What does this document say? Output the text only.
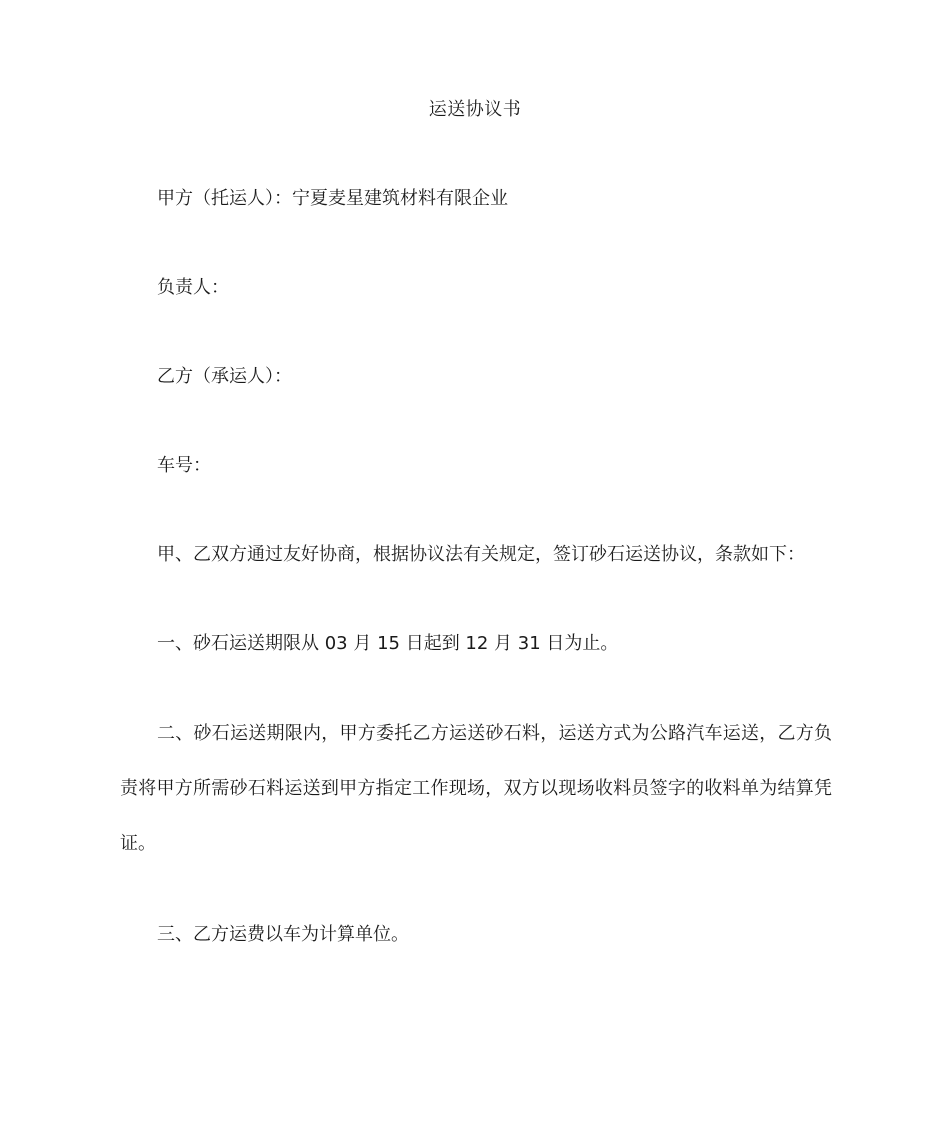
运送协议书
甲方（托运人）：宁夏麦星建筑材料有限企业
负责人：
乙方（承运人）：
车号：
甲、乙双方通过友好协商，根据协议法有关规定，签订砂石运送协议，条款如下：
一、砂石运送期限从 03 月 15 日起到 12 月 31 日为止。
二、砂石运送期限内，甲方委托乙方运送砂石料，运送方式为公路汽车运送，乙方负责将甲方所需砂石料运送到甲方指定工作现场，双方以现场收料员签字的收料单为结算凭证。
三、乙方运费以车为计算单位。
